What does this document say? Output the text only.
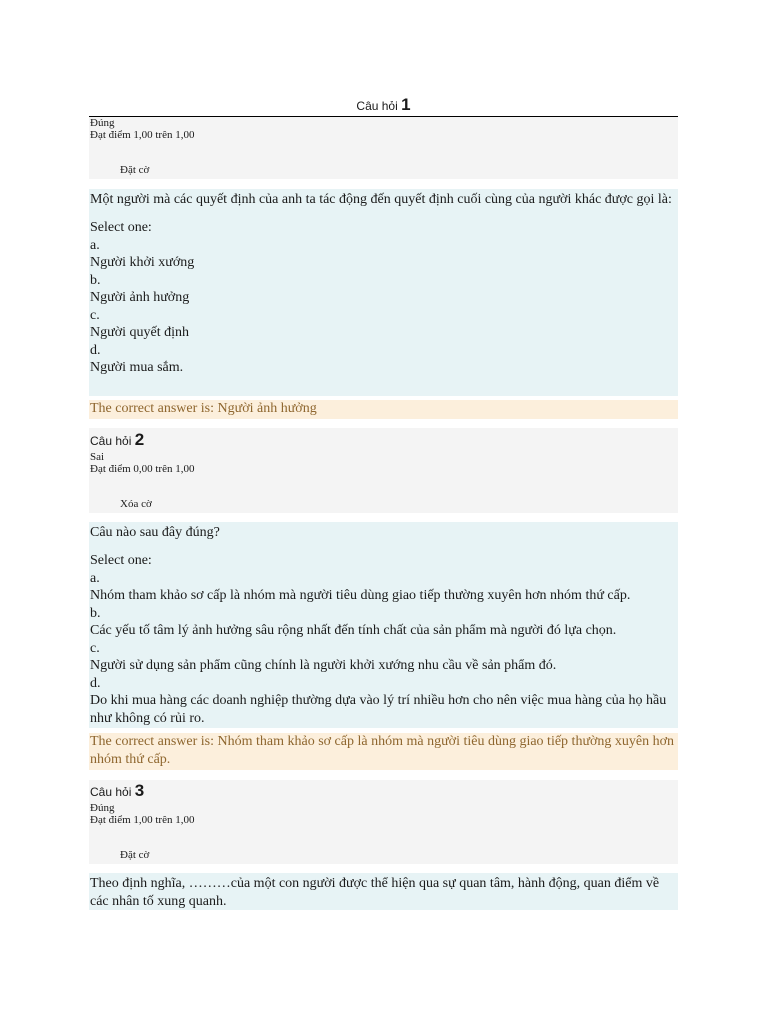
Câu hỏi 1
Đúng
Đạt điểm 1,00 trên 1,00
Đặt cờ

Một người mà các quyết định của anh ta tác động đến quyết định cuối cùng của người khác được gọi là:

Select one:
a.
Người khởi xướng
b.
Người ảnh hưởng
c.
Người quyết định
d.
Người mua sắm.
The correct answer is: Người ảnh hưởng
Câu hỏi 2
Sai
Đạt điểm 0,00 trên 1,00
Xóa cờ

Câu nào sau đây đúng?

Select one:
a.
Nhóm tham khảo sơ cấp là nhóm mà người tiêu dùng giao tiếp thường xuyên hơn nhóm thứ cấp.
b.
Các yếu tố tâm lý ảnh hưởng sâu rộng nhất đến tính chất của sản phẩm mà người đó lựa chọn.
c.
Người sử dụng sản phẩm cũng chính là người khởi xướng nhu cầu về sản phẩm đó.
d.
Do khi mua hàng các doanh nghiệp thường dựa vào lý trí nhiều hơn cho nên việc mua hàng của họ hầu như không có rủi ro.
The correct answer is: Nhóm tham khảo sơ cấp là nhóm mà người tiêu dùng giao tiếp thường xuyên hơn nhóm thứ cấp.
Câu hỏi 3
Đúng
Đạt điểm 1,00 trên 1,00
Đặt cờ

Theo định nghĩa, ………của một con người được thể hiện qua sự quan tâm, hành động, quan điểm về các nhân tố xung quanh.
